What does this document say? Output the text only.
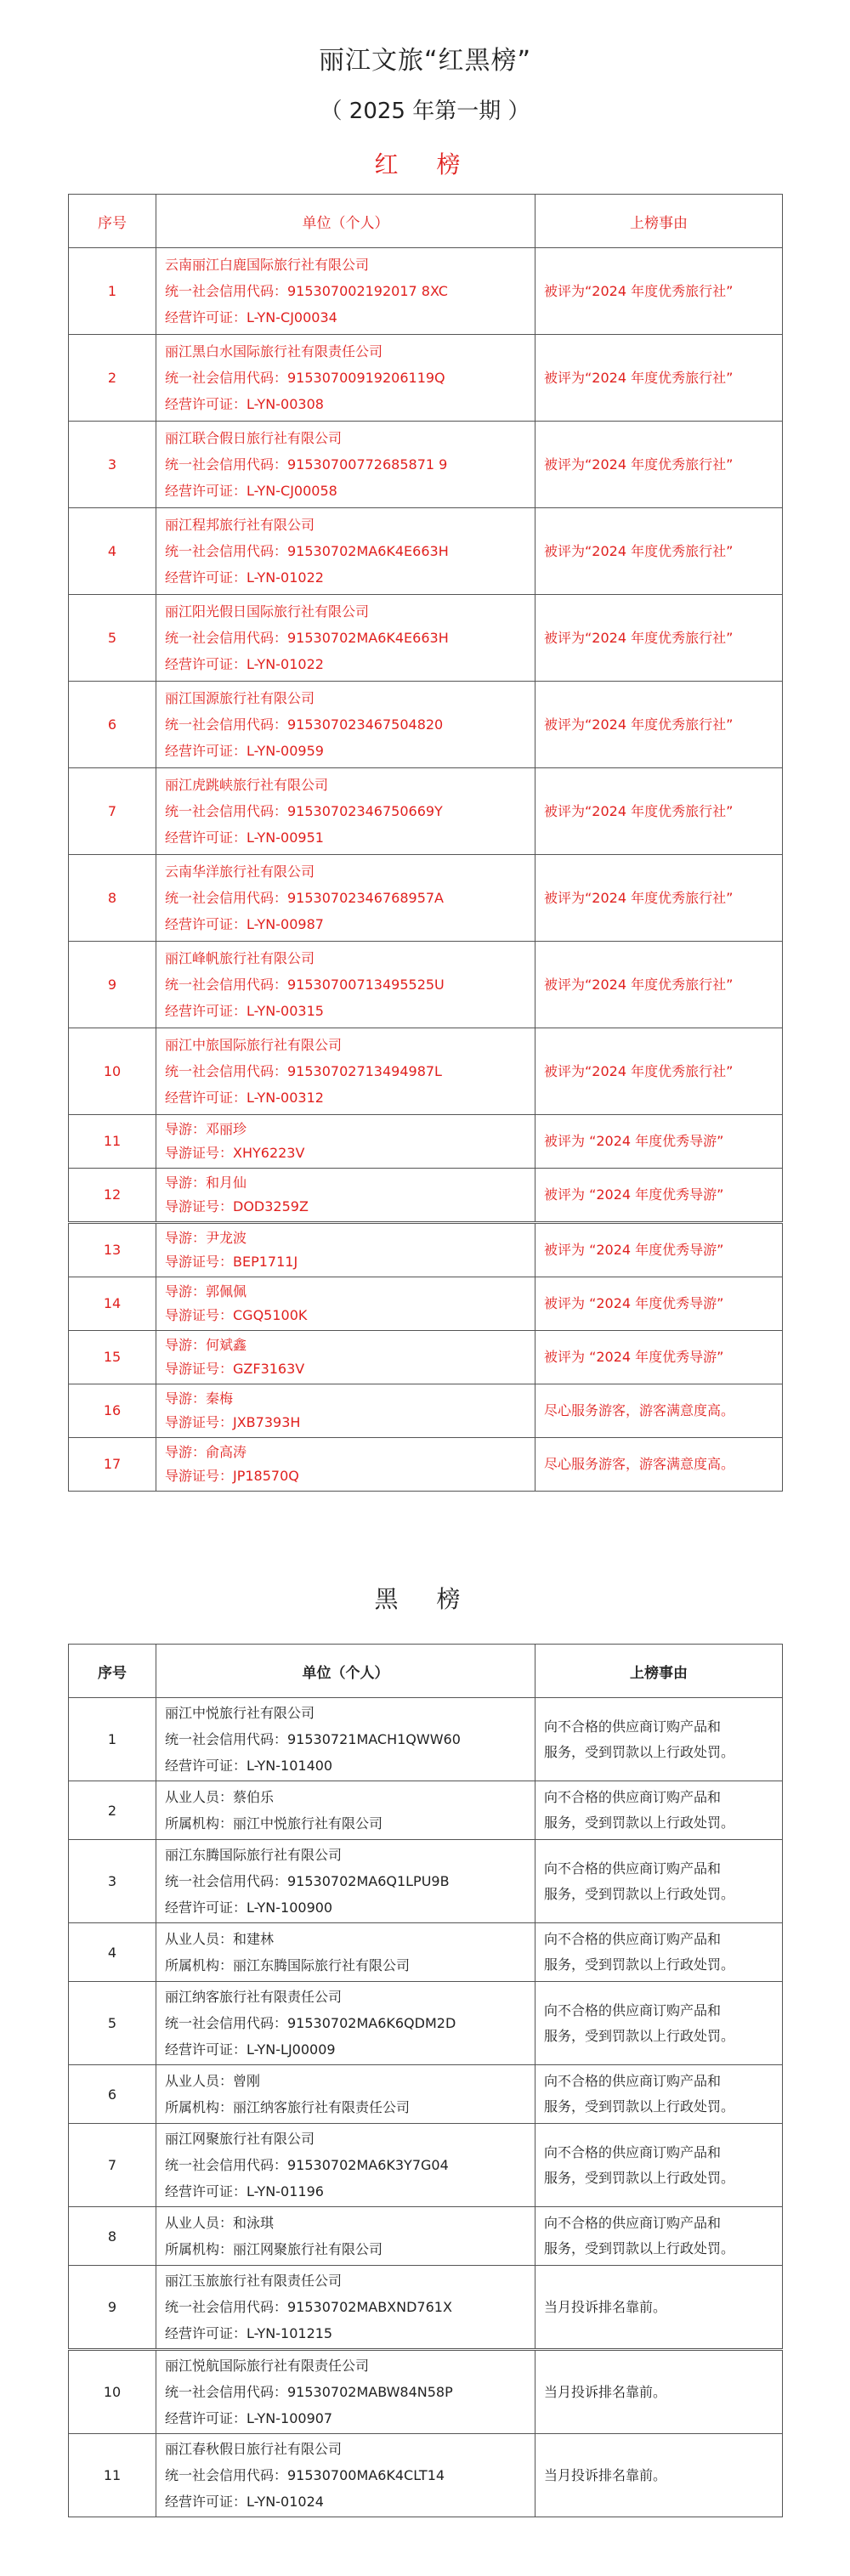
丽江文旅“红黑榜”
（ 2025 年第一期 ）
红 榜
序号	单位（个人）	上榜事由
1	云南丽江白鹿国际旅行社有限公司
统一社会信用代码：915307002192017 8XC
经营许可证：L-YN-CJ00034	被评为“2024 年度优秀旅行社”
2	丽江黑白水国际旅行社有限责任公司
统一社会信用代码：91530700919206119Q
经营许可证：L-YN-00308	被评为“2024 年度优秀旅行社”
3	丽江联合假日旅行社有限公司
统一社会信用代码：91530700772685871 9
经营许可证：L-YN-CJ00058	被评为“2024 年度优秀旅行社”
4	丽江程邦旅行社有限公司
统一社会信用代码：91530702MA6K4E663H
经营许可证：L-YN-01022	被评为“2024 年度优秀旅行社”
5	丽江阳光假日国际旅行社有限公司
统一社会信用代码：91530702MA6K4E663H
经营许可证：L-YN-01022	被评为“2024 年度优秀旅行社”
6	丽江国源旅行社有限公司
统一社会信用代码：915307023467504820
经营许可证：L-YN-00959	被评为“2024 年度优秀旅行社”
7	丽江虎跳峡旅行社有限公司
统一社会信用代码：91530702346750669Y
经营许可证：L-YN-00951	被评为“2024 年度优秀旅行社”
8	云南华洋旅行社有限公司
统一社会信用代码：91530702346768957A
经营许可证：L-YN-00987	被评为“2024 年度优秀旅行社”
9	丽江峰帆旅行社有限公司
统一社会信用代码：91530700713495525U
经营许可证：L-YN-00315	被评为“2024 年度优秀旅行社”
10	丽江中旅国际旅行社有限公司
统一社会信用代码：91530702713494987L
经营许可证：L-YN-00312	被评为“2024 年度优秀旅行社”
11	导游：邓丽珍
导游证号：XHY6223V	被评为 “2024 年度优秀导游”
12	导游：和月仙
导游证号：DOD3259Z	被评为 “2024 年度优秀导游”
13	导游：尹龙波
导游证号：BEP1711J	被评为 “2024 年度优秀导游”
14	导游：郭佩佩
导游证号：CGQ5100K	被评为 “2024 年度优秀导游”
15	导游：何斌鑫
导游证号：GZF3163V	被评为 “2024 年度优秀导游”
16	导游：秦梅
导游证号：JXB7393H	尽心服务游客，游客满意度高。
17	导游：俞高涛
导游证号：JP18570Q	尽心服务游客，游客满意度高。
黑 榜
序号	单位（个人）	上榜事由
1	丽江中悦旅行社有限公司
统一社会信用代码：91530721MACH1QWW60
经营许可证：L-YN-101400	向不合格的供应商订购产品和
服务，受到罚款以上行政处罚。

2	从业人员：蔡伯乐
所属机构：丽江中悦旅行社有限公司	向不合格的供应商订购产品和
服务，受到罚款以上行政处罚。

3	丽江东腾国际旅行社有限公司
统一社会信用代码：91530702MA6Q1LPU9B
经营许可证：L-YN-100900	向不合格的供应商订购产品和
服务，受到罚款以上行政处罚。

4	从业人员：和建林
所属机构：丽江东腾国际旅行社有限公司	向不合格的供应商订购产品和
服务，受到罚款以上行政处罚。

5	丽江纳客旅行社有限责任公司
统一社会信用代码：91530702MA6K6QDM2D
经营许可证：L-YN-LJ00009	向不合格的供应商订购产品和
服务，受到罚款以上行政处罚。

6	从业人员：曾刚
所属机构：丽江纳客旅行社有限责任公司	向不合格的供应商订购产品和
服务，受到罚款以上行政处罚。

7	丽江网聚旅行社有限公司
统一社会信用代码：91530702MA6K3Y7G04
经营许可证：L-YN-01196	向不合格的供应商订购产品和
服务，受到罚款以上行政处罚。

8	从业人员：和泳琪
所属机构：丽江网聚旅行社有限公司	向不合格的供应商订购产品和
服务，受到罚款以上行政处罚。

9	丽江玉旅旅行社有限责任公司
统一社会信用代码：91530702MABXND761X
经营许可证：L-YN-101215	当月投诉排名靠前。

10	丽江悦航国际旅行社有限责任公司
统一社会信用代码：91530702MABW84N58P
经营许可证：L-YN-100907	当月投诉排名靠前。

11	丽江春秋假日旅行社有限公司
统一社会信用代码：91530700MA6K4CLT14
经营许可证：L-YN-01024	当月投诉排名靠前。
